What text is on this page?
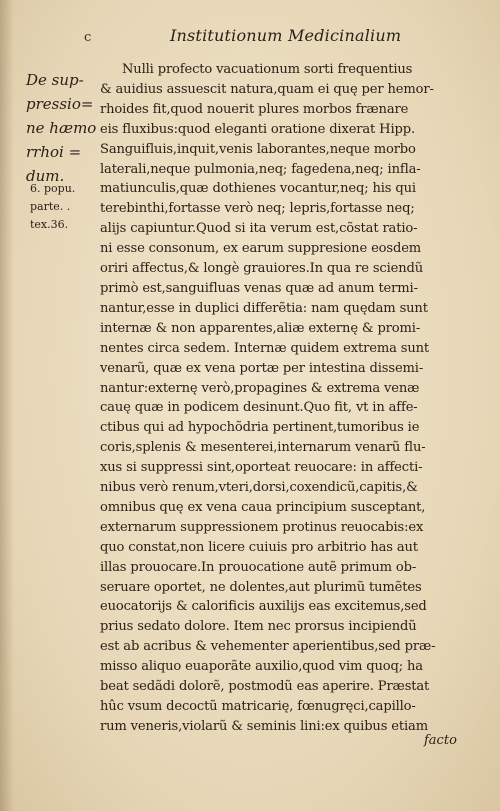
c	Institutionum Medicinalium
De sup-
pressio=
ne hæmo
rrhoi =
dum.
6. popu.
parte. .
tex.36.
Nulli profecto vacuationum sorti frequentius
& auidius assuescit natura,quam ei quę per hemor-
rhoides fit,quod nouerit plures morbos frænare
eis fluxibus:quod eleganti oratione dixerat Hipp.
Sanguifluis,inquit,venis laborantes,neque morbo
laterali,neque pulmonia,neq; fagedena,neq; infla-
matiunculis,quæ dothienes vocantur,neq; his qui
terebinthi,fortasse verò neq; lepris,fortasse neq;
alijs capiuntur.Quod si ita verum est,cõstat ratio-
ni esse consonum, ex earum suppresione eosdem
oriri affectus,& longè grauiores.In qua re sciendũ
primò est,sanguifluas venas quæ ad anum termi-
nantur,esse in duplici differẽtia: nam quędam sunt
internæ & non apparentes,aliæ externę & promi-
nentes circa sedem. Internæ quidem extrema sunt
venarũ, quæ ex vena portæ per intestina dissemi-
nantur:externę verò,propagines & extrema venæ
cauę quæ in podicem desinunt.Quo fit, vt in affe-
ctibus qui ad hypochõdria pertinent,tumoribus ie
coris,splenis & mesenterei,internarum venarũ flu-
xus si suppressi sint,oporteat reuocare: in affecti-
nibus verò renum,vteri,dorsi,coxendicũ,capitis,&
omnibus quę ex vena caua principium susceptant,
externarum suppressionem protinus reuocabis:ex
quo constat,non licere cuiuis pro arbitrio has aut
illas prouocare.In prouocatione autẽ primum ob-
seruare oportet, ne dolentes,aut plurimũ tumẽtes
euocatorijs & calorificis auxilijs eas excitemus,sed
prius sedato dolore. Item nec prorsus incipiendũ
est ab acribus & vehementer aperientibus,sed præ-
misso aliquo euaporãte auxilio,quod vim quoq; ha
beat sedãdi dolorẽ, postmodũ eas aperire. Præstat
hûc vsum decoctũ matricarię, fœnugręci,capillo-
rum veneris,violarũ & seminis lini:ex quibus etiam
facto
